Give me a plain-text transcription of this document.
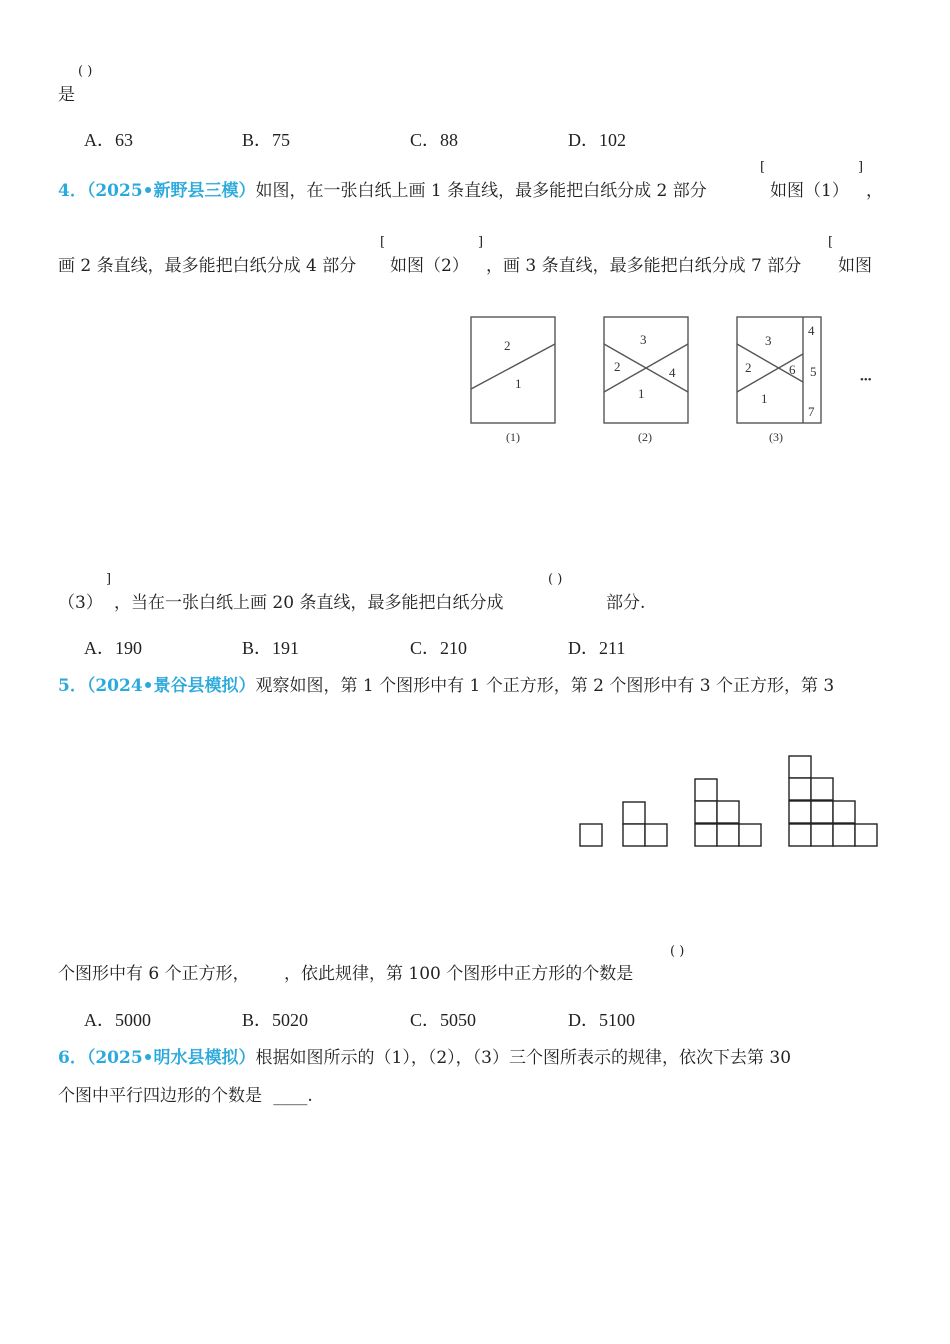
( )
是
A．63	B．75	C．88	D．102
4．（2025•新野县三模）如图，在一张白纸上画 1 条直线，最多能把白纸分成 2 部分
[
如图（1）
]
，
画 2 条直线，最多能把白纸分成 4 部分
[
如图（2）
]
，画 3 条直线，最多能把白纸分成 7 部分
[
如图
2
1
3
2	4
1
3
2	6
1
4
5
7
(1)	(2)	(3)
•••
（3）
]
，当在一张白纸上画 20 条直线，最多能把白纸分成
( )
部分.
A．190	B．191	C．210	D．211
5．（2024•景谷县模拟）观察如图，第 1 个图形中有 1 个正方形，第 2 个图形中有 3 个正方形，第 3
个图形中有 6 个正方形， ，依此规律，第 100 个图形中正方形的个数是
( )
A．5000	B．5020	C．5050	D．5100
6．（2025•明水县模拟）根据如图所示的（1），（2），（3）三个图所表示的规律，依次下去第 30
个图中平行四边形的个数是 ____.
